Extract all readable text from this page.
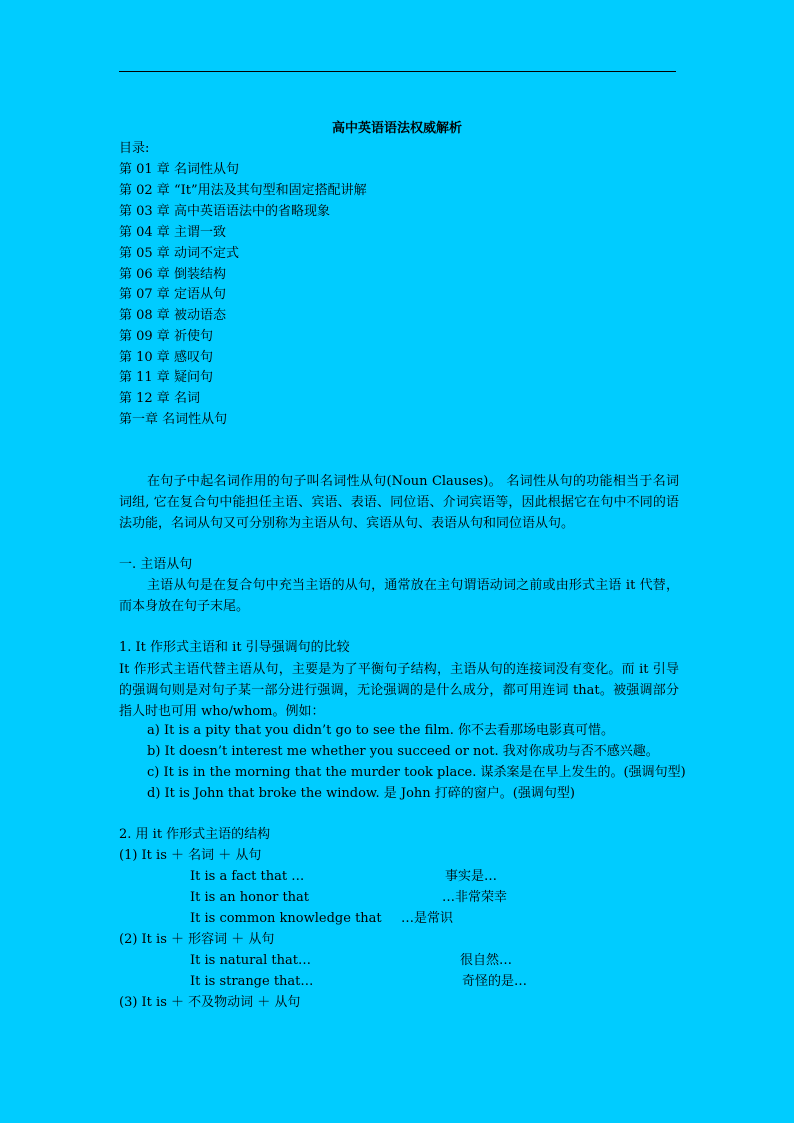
高中英语语法权威解析
目录:
第 01 章 名词性从句
第 02 章 “It”用法及其句型和固定搭配讲解
第 03 章 高中英语语法中的省略现象
第 04 章 主谓一致
第 05 章 动词不定式
第 06 章 倒装结构
第 07 章 定语从句
第 08 章 被动语态
第 09 章 祈使句
第 10 章 感叹句
第 11 章 疑问句
第 12 章 名词
第一章 名词性从句
在句子中起名词作用的句子叫名词性从句(Noun Clauses)。 名词性从句的功能相当于名词词组, 它在复合句中能担任主语、宾语、表语、同位语、介词宾语等，因此根据它在句中不同的语法功能，名词从句又可分别称为主语从句、宾语从句、表语从句和同位语从句。
一. 主语从句
主语从句是在复合句中充当主语的从句，通常放在主句谓语动词之前或由形式主语 it 代替，而本身放在句子末尾。
1. It 作形式主语和 it 引导强调句的比较
It 作形式主语代替主语从句，主要是为了平衡句子结构，主语从句的连接词没有变化。而 it 引导的强调句则是对句子某一部分进行强调，无论强调的是什么成分，都可用连词 that。被强调部分指人时也可用 who/whom。例如：
a) It is a pity that you didn’t go to see the film. 你不去看那场电影真可惜。
b) It doesn’t interest me whether you succeed or not. 我对你成功与否不感兴趣。
c) It is in the morning that the murder took place. 谋杀案是在早上发生的。(强调句型)
d) It is John that broke the window. 是 John 打碎的窗户。(强调句型)
2. 用 it 作形式主语的结构
(1) It is ＋ 名词 ＋ 从句
It is a fact that …	事实是…
It is an honor that	…非常荣幸
It is common knowledge that …是常识
(2) It is ＋ 形容词 ＋ 从句
It is natural that…	很自然…
It is strange that…	奇怪的是…
(3) It is ＋ 不及物动词 ＋ 从句
